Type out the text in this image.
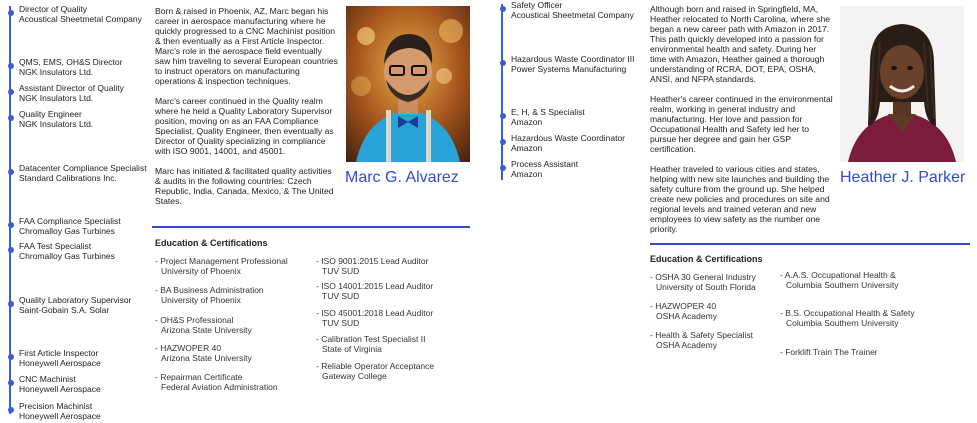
Director of Quality
Acoustical Sheetmetal Company
QMS, EMS, OH&S Director
NGK Insulators Ltd.
Assistant Director of Quality
NGK Insulators Ltd.
Quality Engineer
NGK Insulators Ltd.
Datacenter Compliance Specialist
Standard Calibrations Inc.
FAA Compliance Specialist
Chromalloy Gas Turbines
FAA Test Specialist
Chromalloy Gas Turbines
Quality Laboratory Supervisor
Saint-Gobain S.A. Solar
First Article Inspector
Honeywell Aerospace
CNC Machinist
Honeywell Aerospace
Precision Machinist
Honeywell Aerospace

Born & raised in Phoenix, AZ, Marc began his career in aerospace manufacturing where he quickly progressed to a CNC Machinist position & then eventually as a First Article Inspector. Marc's role in the aerospace field eventually saw him traveling to several European countries to instruct operators on manufacturing operations & inspection techniques.

Marc's career continued in the Quality realm where he held a Quality Laboratory Supervisor position, moving on as an FAA Compliance Specialist, Quality Engineer, then eventually as Director of Quality specializing in compliance with ISO 9001, 14001, and 45001.

Marc has initiated & facilitated quality activities & audits in the following countries: Czech Republic, India, Canada, Mexico, & The United States.

Marc G. Alvarez
Education & Certifications
- Project Management Professional
University of Phoenix
- BA Business Administration
University of Phoenix
- OH&S Professional
Arizona State University
- HAZWOPER 40
Arizona State University
- Repairman Certificate
Federal Aviation Administration
- ISO 9001:2015 Lead Auditor
TUV SUD
- ISO 14001:2015 Lead Auditor
TUV SUD
- ISO 45001:2018 Lead Auditor
TUV SUD
- Calibration Test Specialist II
State of Virginia
- Reliable Operator Acceptance
Gateway College
Safety Officer
Acoustical Sheetmetal Company
Hazardous Waste Coordinator III
Power Systems Manufacturing
E, H, & S Specialist
Amazon
Hazardous Waste Coordinator
Amazon
Process Assistant
Amazon

Although born and raised in Springfield, MA, Heather relocated to North Carolina, where she began a new career path with Amazon in 2017. This path quickly developed into a passion for environmental health and safety. During her time with Amazon, Heather gained a thorough understanding of RCRA, DOT, EPA, OSHA, ANSI, and NFPA standards.

Heather's career continued in the environmental realm, working in general industry and manufacturing. Her love and passion for Occupational Health and Safety led her to pursue her degree and gain her GSP certification.

Heather traveled to various cities and states, helping with new site launches and building the safety culture from the ground up. She helped create new policies and procedures on site and regional levels and trained veteran and new employees to view safety as the number one priority.

Heather J. Parker
Education & Certifications
- OSHA 30 General Industry
University of South Florida
- HAZWOPER 40
OSHA Academy
- Health & Safety Specialist
OSHA Academy
- A.A.S. Occupational Health &
Columbia Southern University
- B.S. Occupational Health & Safety
Columbia Southern University
- Forklift Train The Trainer
